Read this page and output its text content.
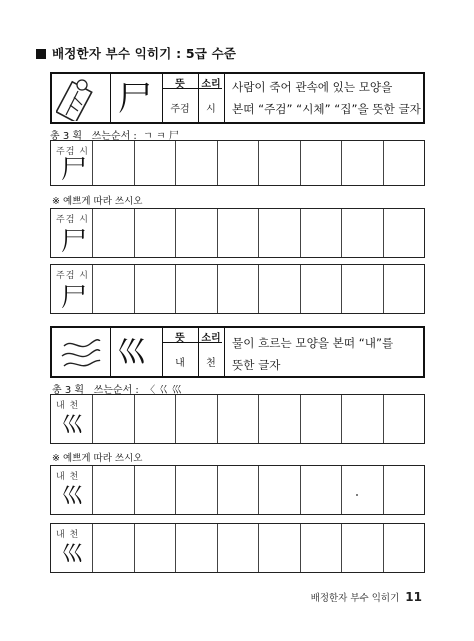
배정한자 부수 익히기 : 5급 수준
尸	뜻	소리
주검	시
사람이 죽어 관속에 있는 모양을
본떠 “주검” “시체” “집”을 뜻한 글자
총 3 획 쓰는순서 : ㄱ ㅋ 尸
주검 시
尸
※ 예쁘게 따라 쓰시오
주검 시
尸
주검 시
尸
巛	뜻	소리
내	천
물이 흐르는 모양을 본떠 “내”를
뜻한 글자
총 3 획 쓰는순서 : 〈 巜 巛
내 천
巛
※ 예쁘게 따라 쓰시오
내 천
巛
내 천
巛
배정한자 부수 익히기 11
